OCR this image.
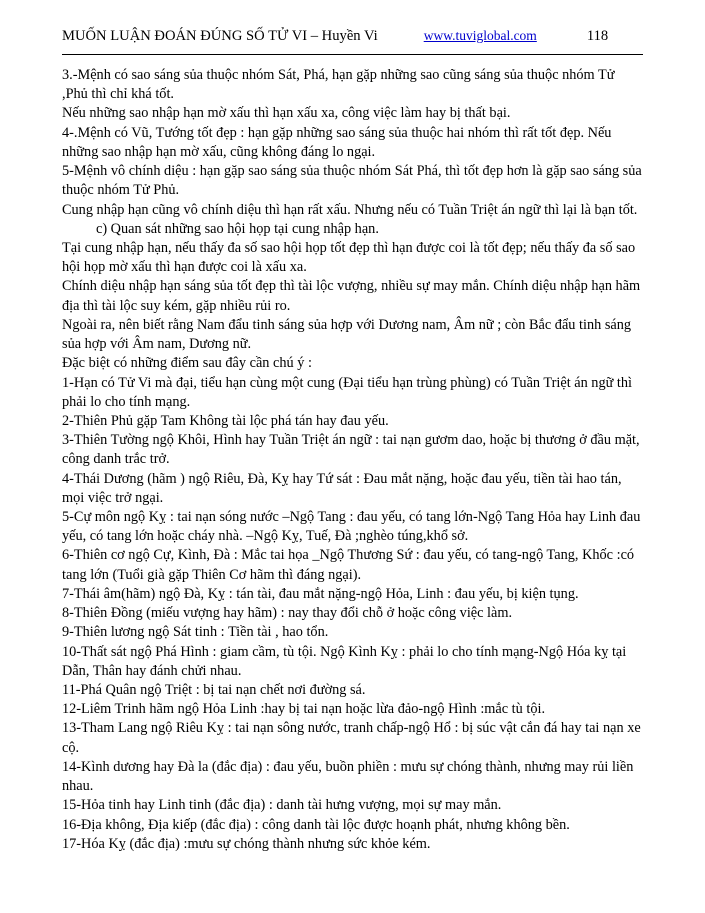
MUỐN LUẬN ĐOÁN ĐÚNG SỐ TỬ VI – Huyền Vi	www.tuviglobal.com	118

3.-Mệnh có sao sáng sủa thuộc nhóm Sát, Phá, hạn gặp những sao cũng sáng sủa thuộc nhóm Tử ,Phủ thì chỉ khá tốt.

Nếu những sao nhập hạn mờ xấu thì hạn xấu xa, công việc làm hay bị thất bại.

4-.Mệnh có Vũ, Tướng tốt đẹp : hạn gặp những sao sáng sủa thuộc hai nhóm thì rất tốt đẹp. Nếu những sao nhập hạn mờ xấu, cũng không đáng lo ngại.

5-Mệnh vô chính diệu : hạn gặp sao sáng sủa thuộc nhóm Sát Phá, thì tốt đẹp hơn là gặp sao sáng sủa thuộc nhóm Tử Phủ.

Cung nhập hạn cũng vô chính diệu thì hạn rất xấu. Nhưng nếu có Tuần Triệt án ngữ thì lại là bạn tốt.

c) Quan sát những sao hội họp tại cung nhập hạn.

Tại cung nhập hạn, nếu thấy đa số sao hội họp tốt đẹp thì hạn được coi là tốt đẹp; nếu thấy đa số sao hội họp mờ xấu thì hạn được coi là xấu xa.

Chính diệu nhập hạn sáng sủa tốt đẹp thì tài lộc vượng, nhiều sự may mắn. Chính diệu nhập hạn hãm địa thì tài lộc suy kém, gặp nhiều rủi ro.

Ngoài ra, nên biết rằng Nam đẩu tinh sáng sủa hợp với Dương nam, Âm nữ ; còn Bắc đẩu tinh sáng sủa hợp với Âm nam, Dương nữ.

Đặc biệt có những điểm sau đây cần chú ý :

1-Hạn có Tử Vi mà đại, tiểu hạn cùng một cung (Đại tiểu hạn trùng phùng) có Tuần Triệt án ngữ thì phải lo cho tính mạng.

2-Thiên Phủ gặp Tam Không tài lộc phá tán hay đau yếu.

3-Thiên Tường ngộ Khôi, Hình hay Tuần Triệt án ngữ : tai nạn gươm dao, hoặc bị thương ở đầu mặt, công danh trắc trở.

4-Thái Dương (hãm ) ngộ Riêu, Đà, Kỵ hay Tứ sát : Đau mắt nặng, hoặc đau yếu, tiền tài hao tán, mọi việc trở ngại.

5-Cự môn ngộ Kỵ : tai nạn sóng nước –Ngộ Tang : đau yếu, có tang lớn-Ngộ Tang Hỏa hay Linh đau yếu, có tang lớn hoặc cháy nhà. –Ngộ Kỵ, Tuế, Đà ;nghèo túng,khổ sở.

6-Thiên cơ ngộ Cự, Kình, Đà : Mắc tai họa _Ngộ Thương Sứ : đau yếu, có tang-ngộ Tang, Khốc :có tang lớn (Tuổi già gặp Thiên Cơ hãm thì đáng ngại).

7-Thái âm(hãm) ngộ Đà, Kỵ : tán tài, đau mắt nặng-ngộ Hỏa, Linh : đau yếu, bị kiện tụng.

8-Thiên Đồng (miếu vượng hay hãm) : nay thay đổi chỗ ở hoặc công việc làm.

9-Thiên lương ngộ Sát tinh : Tiền tài , hao tổn.

10-Thất sát ngộ Phá Hình : giam cầm, tù tội. Ngộ Kình Kỵ : phải lo cho tính mạng-Ngộ Hóa kỵ tại Dẫn, Thân hay đánh chửi nhau.

11-Phá Quân ngộ Triệt : bị tai nạn chết nơi đường sá.

12-Liêm Trinh hãm ngộ Hỏa Linh :hay bị tai nạn hoặc lừa đảo-ngộ Hình :mắc tù tội.

13-Tham Lang ngộ Riêu Kỵ : tai nạn sông nước, tranh chấp-ngộ Hổ : bị súc vật cắn đá hay tai nạn xe cộ.

14-Kình dương hay Đà la (đắc địa) : đau yếu, buồn phiền : mưu sự chóng thành, nhưng may rủi liền nhau.

15-Hỏa tinh hay Linh tinh (đắc địa) : danh tài hưng vượng, mọi sự may mắn.

16-Địa không, Địa kiếp (đắc địa) : công danh tài lộc được hoạnh phát, nhưng không bền.

17-Hóa Kỵ (đắc địa) :mưu sự chóng thành nhưng sức khỏe kém.
